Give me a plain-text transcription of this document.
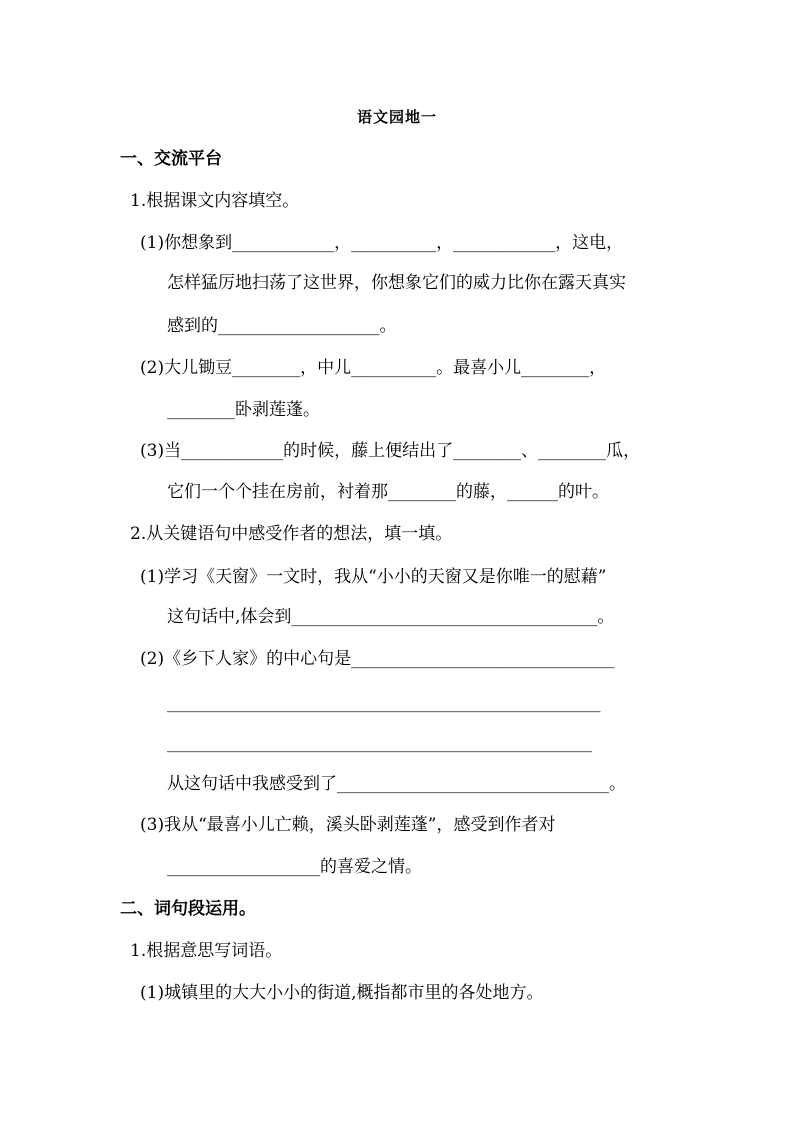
语文园地一
一、交流平台
1.根据课文内容填空。
(1)你想象到____________，__________，____________，这电，
怎样猛厉地扫荡了这世界，你想象它们的威力比你在露天真实
感到的___________________。
(2)大儿锄豆________，中儿__________。最喜小儿________，
________卧剥莲蓬。
(3)当____________的时候，藤上便结出了________、________瓜，
它们一个个挂在房前，衬着那________的藤，______的叶。
2.从关键语句中感受作者的想法，填一填。
(1)学习《天窗》一文时，我从“小小的天窗又是你唯一的慰藉”
这句话中,体会到____________________________________。
(2)《乡下人家》的中心句是_______________________________
___________________________________________________
__________________________________________________
从这句话中我感受到了________________________________。
(3)我从“最喜小儿亡赖，溪头卧剥莲蓬”，感受到作者对
__________________的喜爱之情。
二、词句段运用。
1.根据意思写词语。
(1)城镇里的大大小小的街道,概指都市里的各处地方。
